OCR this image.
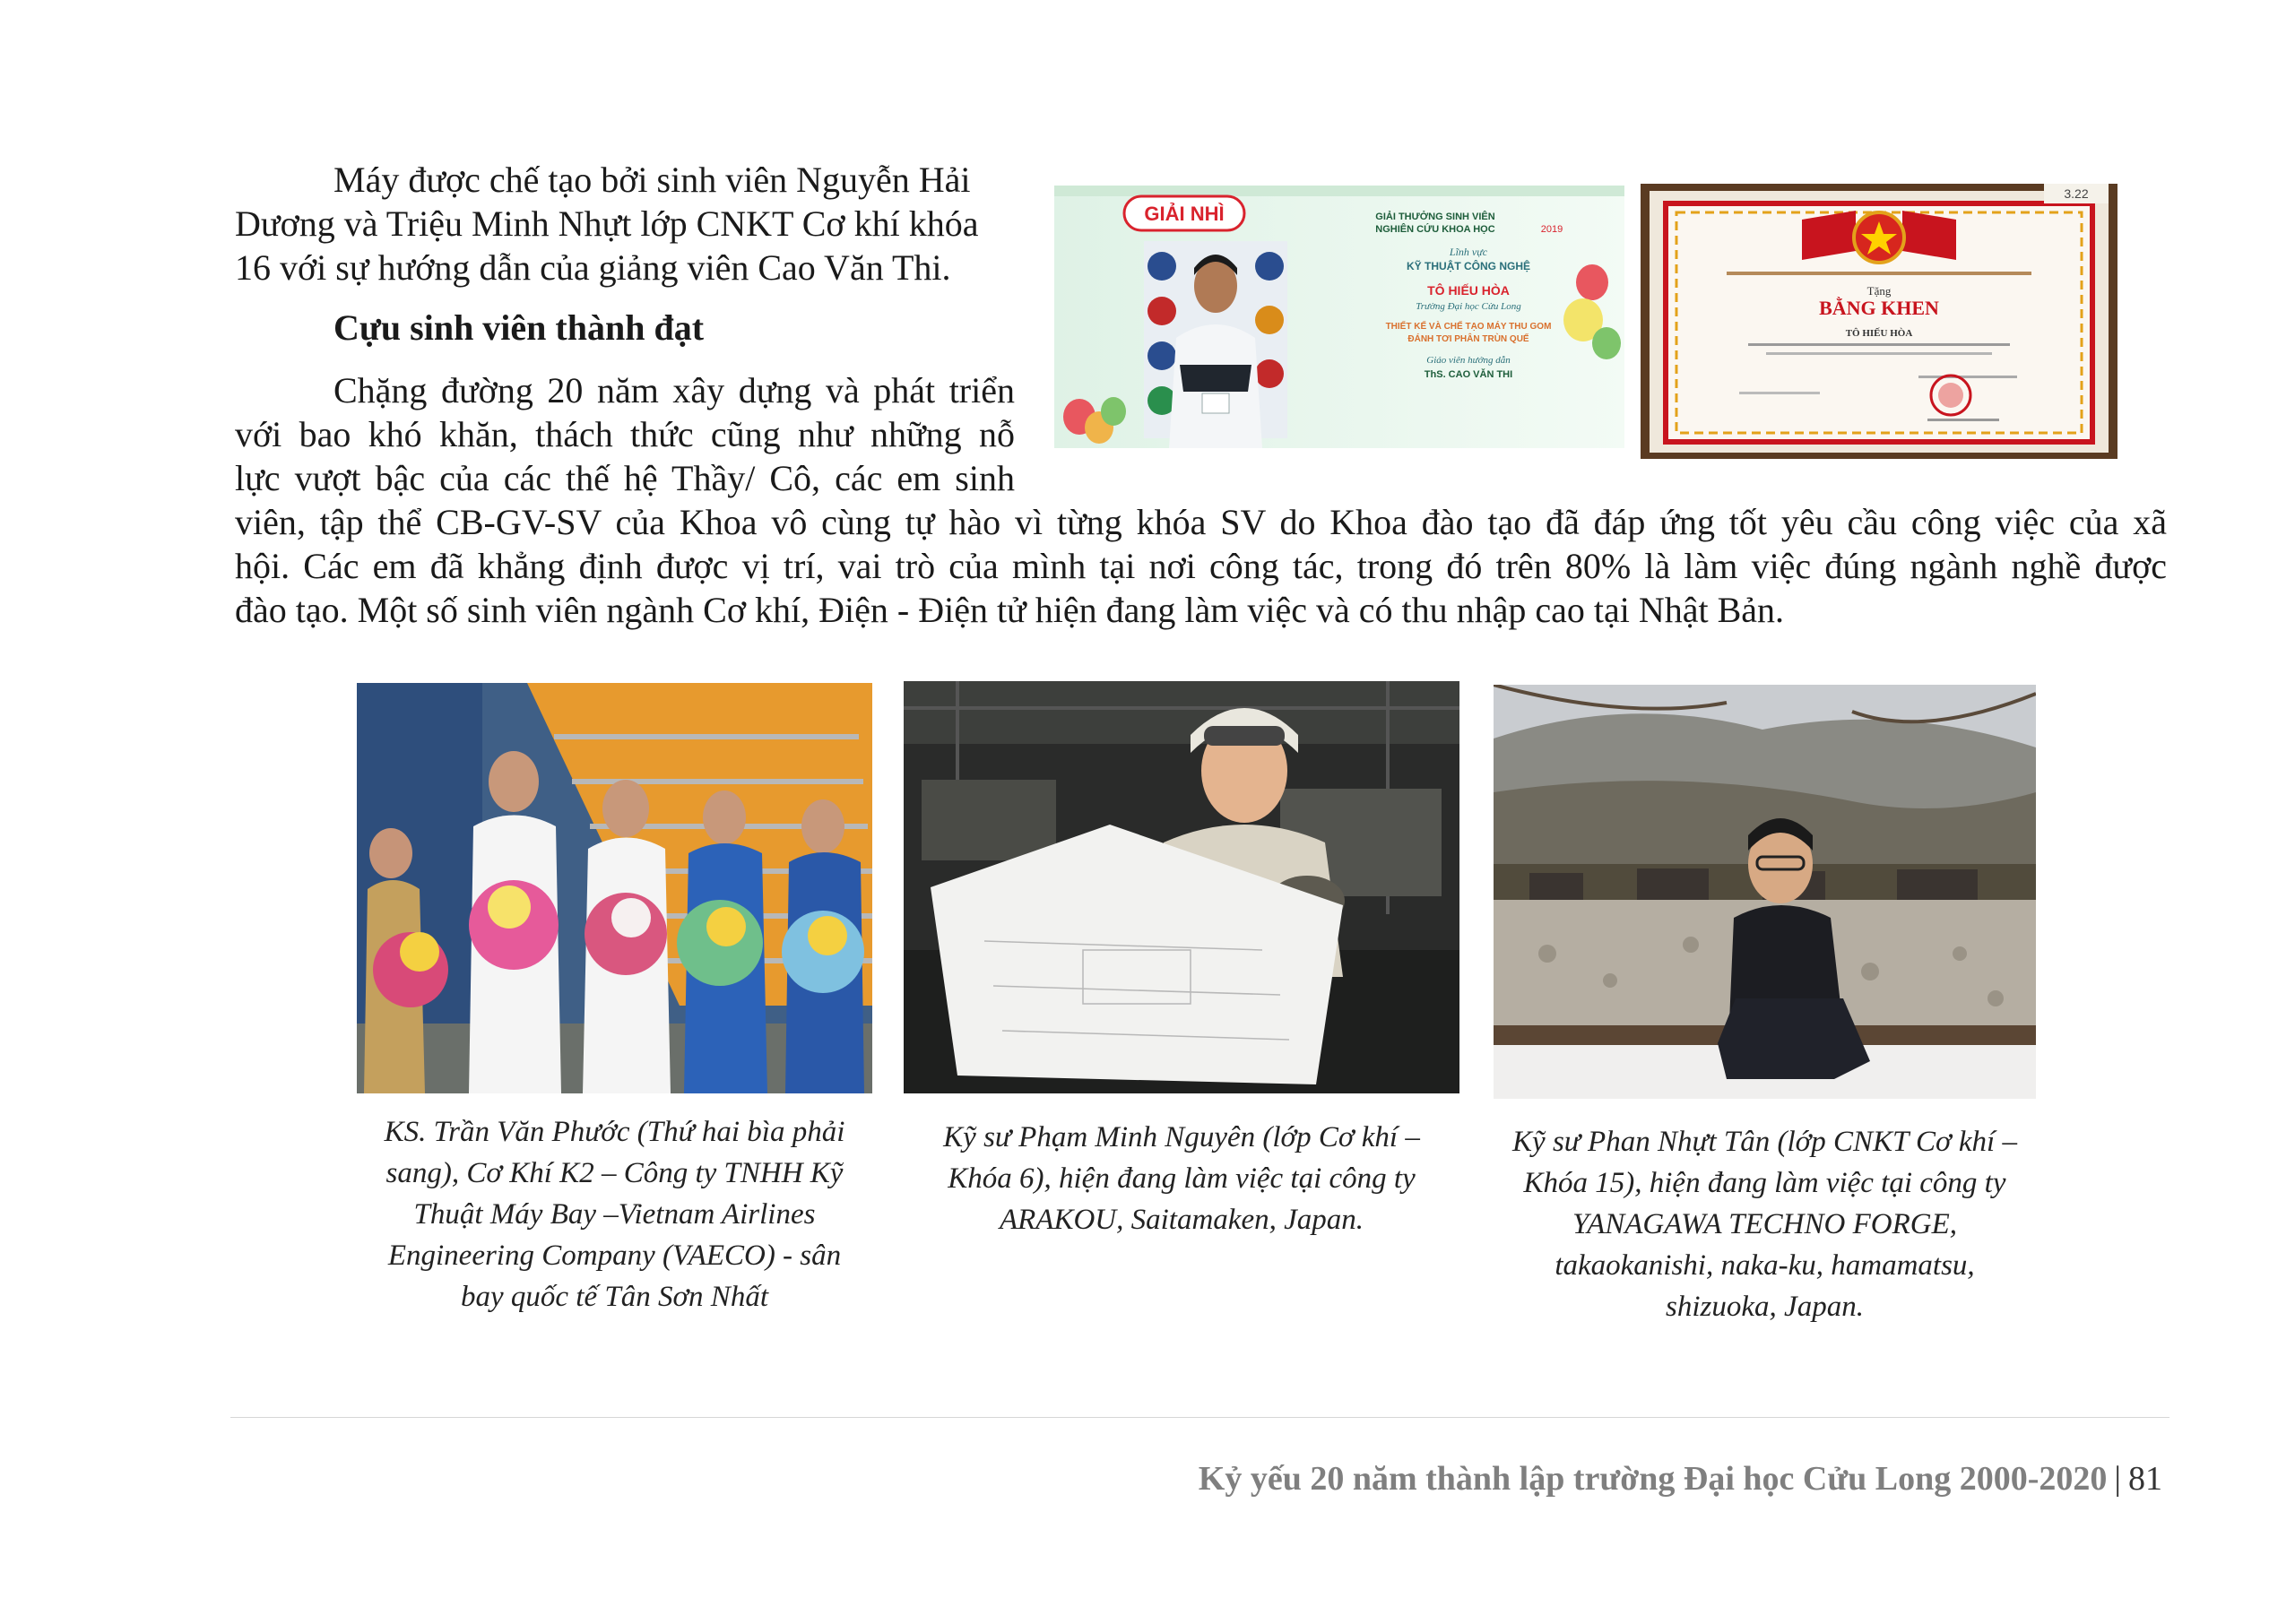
Máy được chế tạo bởi sinh viên Nguyễn Hải
Dương và Triệu Minh Nhựt lớp CNKT Cơ khí khóa
16 với sự hướng dẫn của giảng viên Cao Văn Thi.

Cựu sinh viên thành đạt

Chặng đường 20 năm xây dựng và phát triển
với bao khó khăn, thách thức cũng như những nỗ
lực vượt bậc của các thế hệ Thầy/ Cô, các em sinh

viên, tập thể CB-GV-SV của Khoa vô cùng tự hào vì từng khóa SV do Khoa đào tạo đã đáp ứng tốt yêu cầu công việc của xã
hội. Các em đã khẳng định được vị trí, vai trò của mình tại nơi công tác, trong đó trên 80% là làm việc đúng ngành nghề được
đào tạo. Một số sinh viên ngành Cơ khí, Điện - Điện tử hiện đang làm việc và có thu nhập cao tại Nhật Bản.

GIẢI NHÌ	GIẢI THƯỞNG SINH VIÊN
NGHIÊN CỨU KHOA HỌC	2019
Lĩnh vực
KỸ THUẬT CÔNG NGHỆ
TÔ HIẾU HÒA
Trường Đại học Cửu Long
THIẾT KẾ VÀ CHẾ TẠO MÁY THU GOM
ĐÁNH TƠI PHÂN TRÙN QUẾ
Giáo viên hướng dẫn
ThS. CAO VĂN THI
3.22
Tặng
BẰNG KHEN
TÔ HIẾU HÒA

KS. Trần Văn Phước (Thứ hai bìa phải
sang), Cơ Khí K2 – Công ty TNHH Kỹ
Thuật Máy Bay –Vietnam Airlines
Engineering Company (VAECO) - sân
bay quốc tế Tân Sơn Nhất

Kỹ sư Phạm Minh Nguyên (lớp Cơ khí –
Khóa 6), hiện đang làm việc tại công ty
ARAKOU, Saitamaken, Japan.

Kỹ sư Phan Nhựt Tân (lớp CNKT Cơ khí –
Khóa 15), hiện đang làm việc tại công ty
YANAGAWA TECHNO FORGE,
takaokanishi, naka-ku, hamamatsu,
shizuoka, Japan.

Kỷ yếu 20 năm thành lập trường Đại học Cửu Long 2000-2020 | 81
